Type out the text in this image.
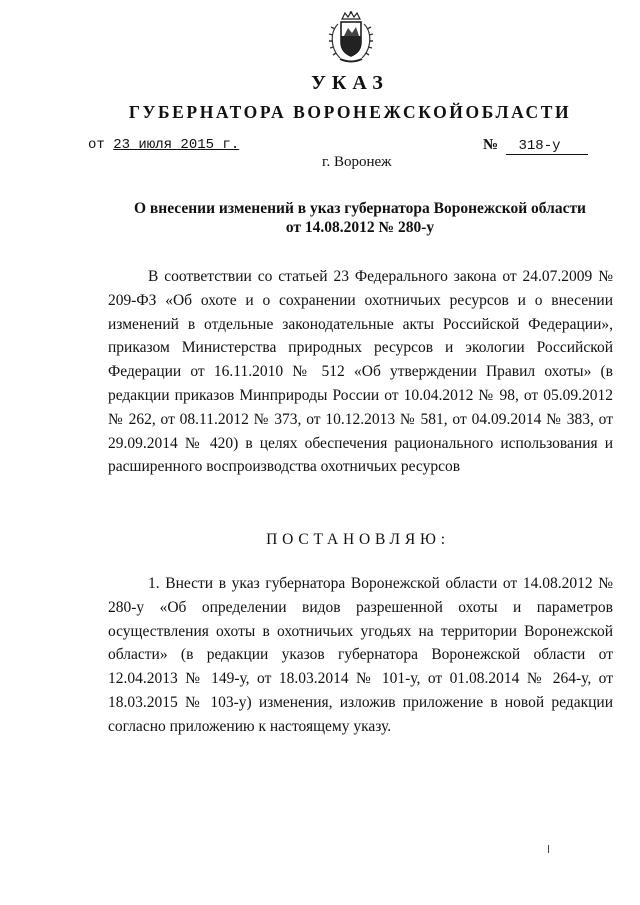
УКАЗ
ГУБЕРНАТОРА ВОРОНЕЖСКОЙОБЛАСТИ
от 23 июля 2015 г.	№ 318-у
г. Воронеж
О внесении изменений в указ губернатора Воронежской области
от 14.08.2012 № 280-у
В соответствии со статьей 23 Федерального закона от 24.07.2009 № 209-ФЗ «Об охоте и о сохранении охотничьих ресурсов и о внесении изменений в отдельные законодательные акты Российской Федерации», приказом Министерства природных ресурсов и экологии Российской Федерации от 16.11.2010 № 512 «Об утверждении Правил охоты» (в редакции приказов Минприроды России от 10.04.2012 № 98, от 05.09.2012 № 262, от 08.11.2012 № 373, от 10.12.2013 № 581, от 04.09.2014 № 383, от 29.09.2014 № 420) в целях обеспечения рационального использования и расширенного воспроизводства охотничьих ресурсов
ПОСТАНОВЛЯЮ:
1. Внести в указ губернатора Воронежской области от 14.08.2012 № 280-у «Об определении видов разрешенной охоты и параметров осуществления охоты в охотничьих угодьях на территории Воронежской области» (в редакции указов губернатора Воронежской области от 12.04.2013 № 149-у, от 18.03.2014 № 101-у, от 01.08.2014 № 264-у, от 18.03.2015 № 103-у) изменения, изложив приложение в новой редакции согласно приложению к настоящему указу.
